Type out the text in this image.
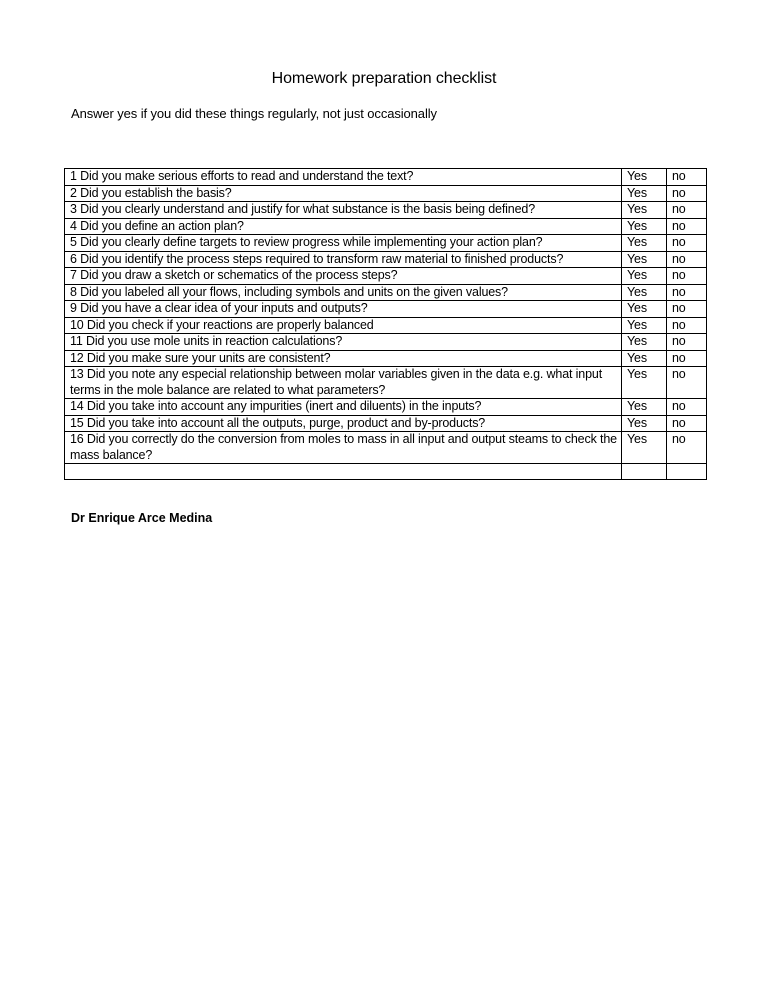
Homework preparation checklist
Answer yes if you did these things regularly, not just occasionally
1 Did you make serious efforts to read and understand the text?	Yes	no
2 Did you establish the basis?	Yes	no
3 Did you clearly understand and justify for what substance is the basis being defined?	Yes	no
4 Did you define an action plan?	Yes	no
5 Did you clearly define targets to review progress while implementing your action plan?	Yes	no
6 Did you identify the process steps required to transform raw material to finished products?	Yes	no
7 Did you draw a sketch or schematics of the process steps?	Yes	no
8 Did you labeled all your flows, including symbols and units on the given values?	Yes	no
9 Did you have a clear idea of your inputs and outputs?	Yes	no
10 Did you check if your reactions are properly balanced	Yes	no
11 Did you use mole units in reaction calculations?	Yes	no
12 Did you make sure your units are consistent?	Yes	no
13 Did you note any especial relationship between molar variables given in the data e.g. what input terms in the mole balance are related to what parameters?	Yes	no
14 Did you take into account any impurities (inert and diluents) in the inputs?	Yes	no
15 Did you take into account all the outputs, purge, product and by-products?	Yes	no
16 Did you correctly do the conversion from moles to mass in all input and output steams to check the mass balance?	Yes	no

Dr Enrique Arce Medina
